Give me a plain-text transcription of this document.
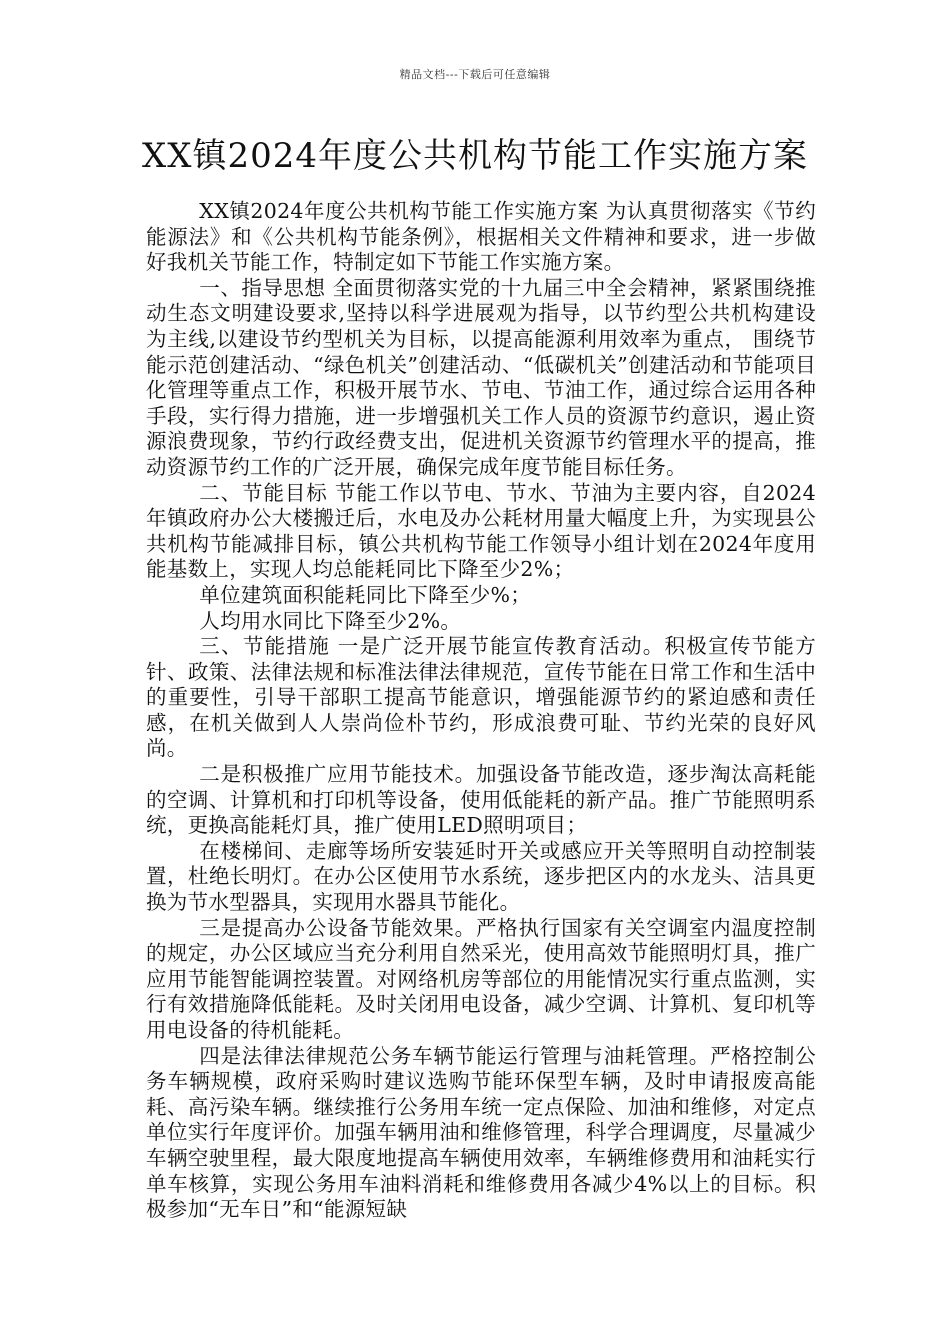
精品文档---下载后可任意编辑
XX镇2024年度公共机构节能工作实施方案

XX镇2024年度公共机构节能工作实施方案 为认真贯彻落实《节约能源法》和《公共机构节能条例》，根据相关文件精神和要求，进一步做好我机关节能工作，特制定如下节能工作实施方案。

一、指导思想 全面贯彻落实党的十九届三中全会精神，紧紧围绕推动生态文明建设要求,坚持以科学进展观为指导，以节约型公共机构建设为主线,以建设节约型机关为目标，以提高能源利用效率为重点， 围绕节能示范创建活动、“绿色机关”创建活动、“低碳机关”创建活动和节能项目化管理等重点工作，积极开展节水、节电、节油工作，通过综合运用各种手段，实行得力措施，进一步增强机关工作人员的资源节约意识，遏止资源浪费现象，节约行政经费支出，促进机关资源节约管理水平的提高，推动资源节约工作的广泛开展，确保完成年度节能目标任务。

二、节能目标 节能工作以节电、节水、节油为主要内容，自2024年镇政府办公大楼搬迁后，水电及办公耗材用量大幅度上升，为实现县公共机构节能减排目标，镇公共机构节能工作领导小组计划在2024年度用能基数上，实现人均总能耗同比下降至少2%；

单位建筑面积能耗同比下降至少%；

人均用水同比下降至少2%。

三、节能措施 一是广泛开展节能宣传教育活动。积极宣传节能方针、政策、法律法规和标准法律法律规范，宣传节能在日常工作和生活中的重要性，引导干部职工提高节能意识，增强能源节约的紧迫感和责任感，在机关做到人人崇尚俭朴节约，形成浪费可耻、节约光荣的良好风尚。

二是积极推广应用节能技术。加强设备节能改造，逐步淘汰高耗能的空调、计算机和打印机等设备，使用低能耗的新产品。推广节能照明系统，更换高能耗灯具，推广使用LED照明项目；

在楼梯间、走廊等场所安装延时开关或感应开关等照明自动控制装置，杜绝长明灯。在办公区使用节水系统，逐步把区内的水龙头、洁具更换为节水型器具，实现用水器具节能化。

三是提高办公设备节能效果。严格执行国家有关空调室内温度控制的规定，办公区域应当充分利用自然采光，使用高效节能照明灯具，推广应用节能智能调控装置。对网络机房等部位的用能情况实行重点监测，实行有效措施降低能耗。及时关闭用电设备，减少空调、计算机、复印机等用电设备的待机能耗。

四是法律法律规范公务车辆节能运行管理与油耗管理。严格控制公务车辆规模，政府采购时建议选购节能环保型车辆，及时申请报废高能耗、高污染车辆。继续推行公务用车统一定点保险、加油和维修，对定点单位实行年度评价。加强车辆用油和维修管理，科学合理调度，尽量减少车辆空驶里程，最大限度地提高车辆使用效率，车辆维修费用和油耗实行单车核算，实现公务用车油料消耗和维修费用各减少4%以上的目标。积极参加“无车日”和“能源短缺
